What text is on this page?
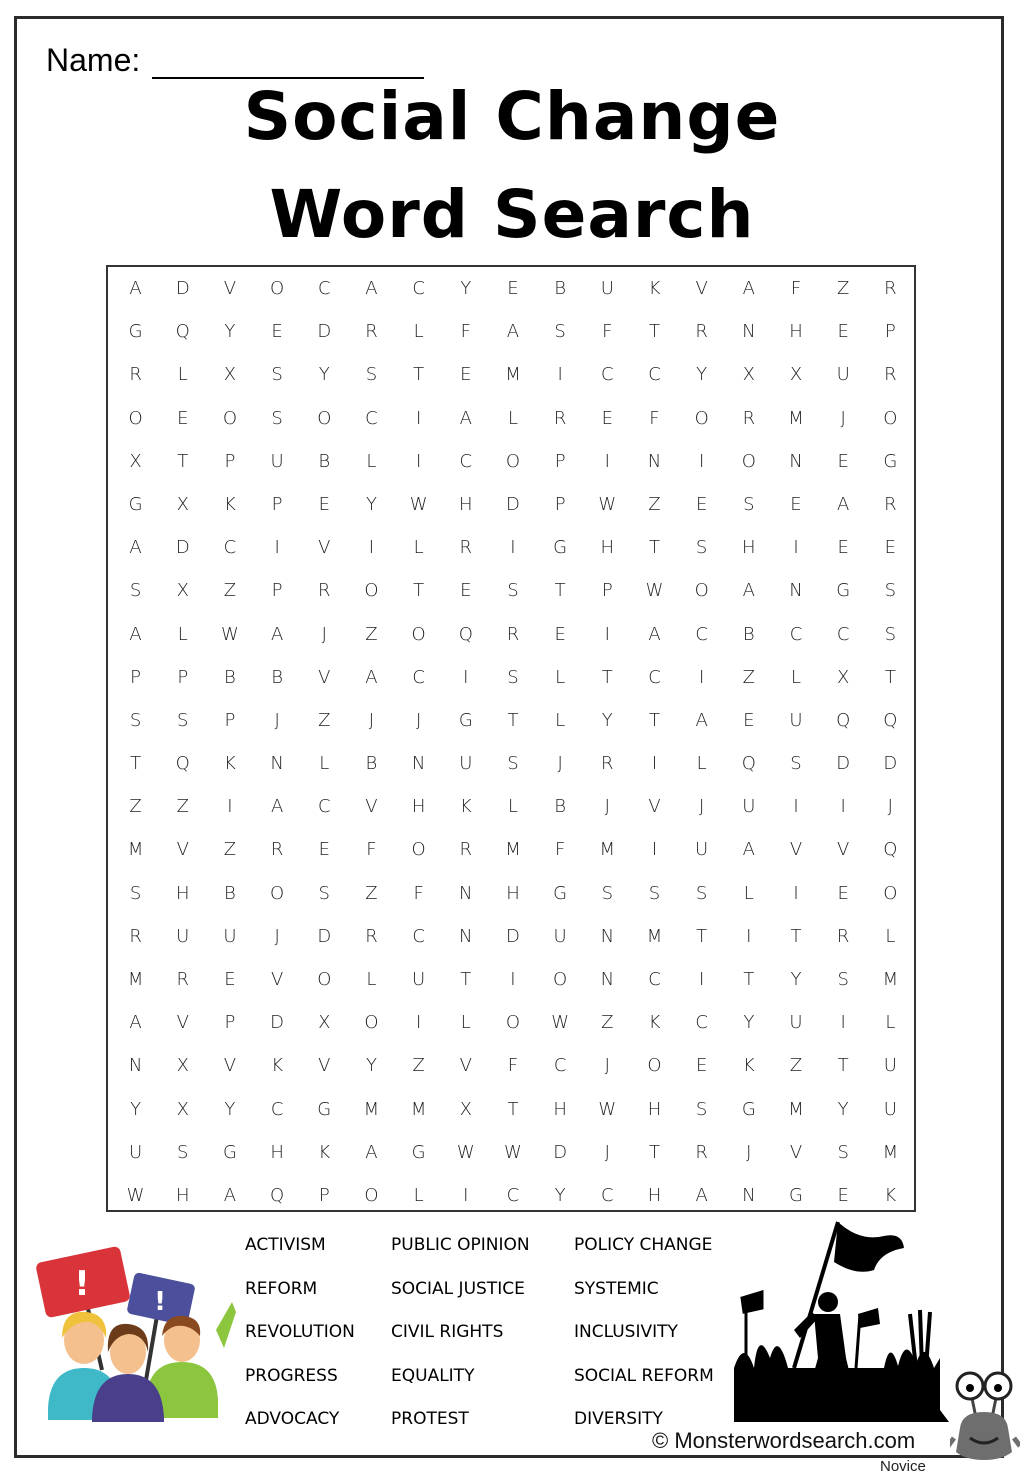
Name:
Social Change
Word Search
A	D	V	O	C	A	C	Y	E	B	U	K	V	A	F	Z	R
G	Q	Y	E	D	R	L	F	A	S	F	T	R	N	H	E	P
R	L	X	S	Y	S	T	E	M	I	C	C	Y	X	X	U	R
O	E	O	S	O	C	I	A	L	R	E	F	O	R	M	J	O
X	T	P	U	B	L	I	C	O	P	I	N	I	O	N	E	G
G	X	K	P	E	Y	W	H	D	P	W	Z	E	S	E	A	R
A	D	C	I	V	I	L	R	I	G	H	T	S	H	I	E	E
S	X	Z	P	R	O	T	E	S	T	P	W	O	A	N	G	S
A	L	W	A	J	Z	O	Q	R	E	I	A	C	B	C	C	S
P	P	B	B	V	A	C	I	S	L	T	C	I	Z	L	X	T
S	S	P	J	Z	J	J	G	T	L	Y	T	A	E	U	Q	Q
T	Q	K	N	L	B	N	U	S	J	R	I	L	Q	S	D	D
Z	Z	I	A	C	V	H	K	L	B	J	V	J	U	I	I	J
M	V	Z	R	E	F	O	R	M	F	M	I	U	A	V	V	Q
S	H	B	O	S	Z	F	N	H	G	S	S	S	L	I	E	O
R	U	U	J	D	R	C	N	D	U	N	M	T	I	T	R	L
M	R	E	V	O	L	U	T	I	O	N	C	I	T	Y	S	M
A	V	P	D	X	O	I	L	O	W	Z	K	C	Y	U	I	L
N	X	V	K	V	Y	Z	V	F	C	J	O	E	K	Z	T	U
Y	X	Y	C	G	M	M	X	T	H	W	H	S	G	M	Y	U
U	S	G	H	K	A	G	W	W	D	J	T	R	J	V	S	M
W	H	A	Q	P	O	L	I	C	Y	C	H	A	N	G	E	K
ACTIVISM
REFORM
REVOLUTION
PROGRESS
ADVOCACY
PUBLIC OPINION
SOCIAL JUSTICE
CIVIL RIGHTS
EQUALITY
PROTEST
POLICY CHANGE
SYSTEMIC
INCLUSIVITY
SOCIAL REFORM
DIVERSITY
! !
© Monsterwordsearch.com
Novice
